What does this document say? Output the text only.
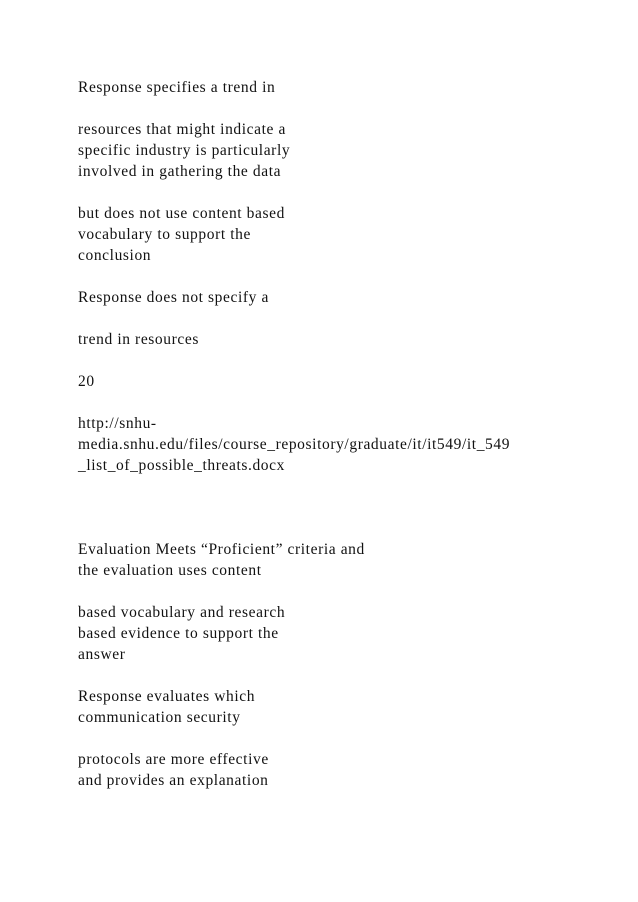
Response specifies a trend in

resources that might indicate a

specific industry is particularly

involved in gathering the data

but does not use content based

vocabulary to support the

conclusion

Response does not specify a

trend in resources

20

http://snhu-

media.snhu.edu/files/course_repository/graduate/it/it549/it_549

_list_of_possible_threats.docx

Evaluation Meets “Proficient” criteria and

the evaluation uses content

based vocabulary and research

based evidence to support the

answer

Response evaluates which

communication security

protocols are more effective

and provides an explanation
